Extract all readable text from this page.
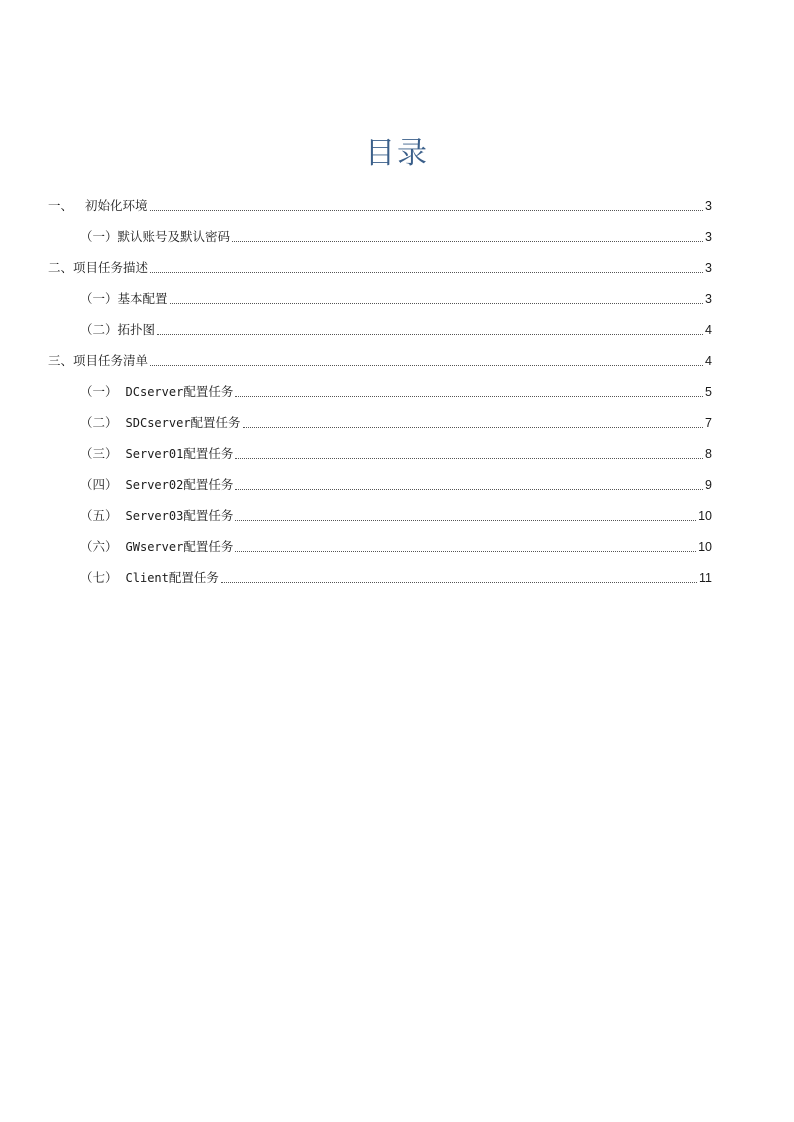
目录
一、 初始化环境	3
（一）默认账号及默认密码	3
二、项目任务描述	3
（一）基本配置	3
（二）拓扑图	4
三、项目任务清单	4
（一） DCserver配置任务	5
（二） SDCserver配置任务	7
（三） Server01配置任务	8
（四） Server02配置任务	9
（五） Server03配置任务	10
（六） GWserver配置任务	10
（七） Client配置任务	11
